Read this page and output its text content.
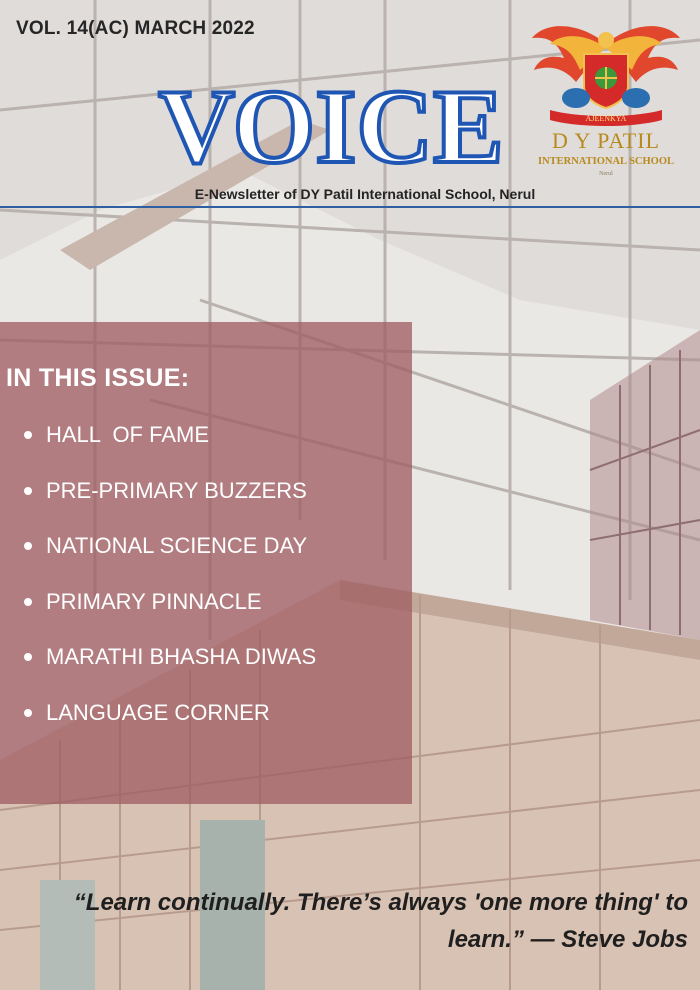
VOL. 14(AC) MARCH 2022
VOICE	AJEENKYA
D Y PATIL
INTERNATIONAL SCHOOL
Nerul
E-Newsletter of DY Patil International School, Nerul
IN THIS ISSUE:
HALL  OF FAME
PRE-PRIMARY BUZZERS
NATIONAL SCIENCE DAY
PRIMARY PINNACLE
MARATHI BHASHA DIWAS
LANGUAGE CORNER
“Learn continually. There’s always 'one more thing' to
learn.” — Steve Jobs
